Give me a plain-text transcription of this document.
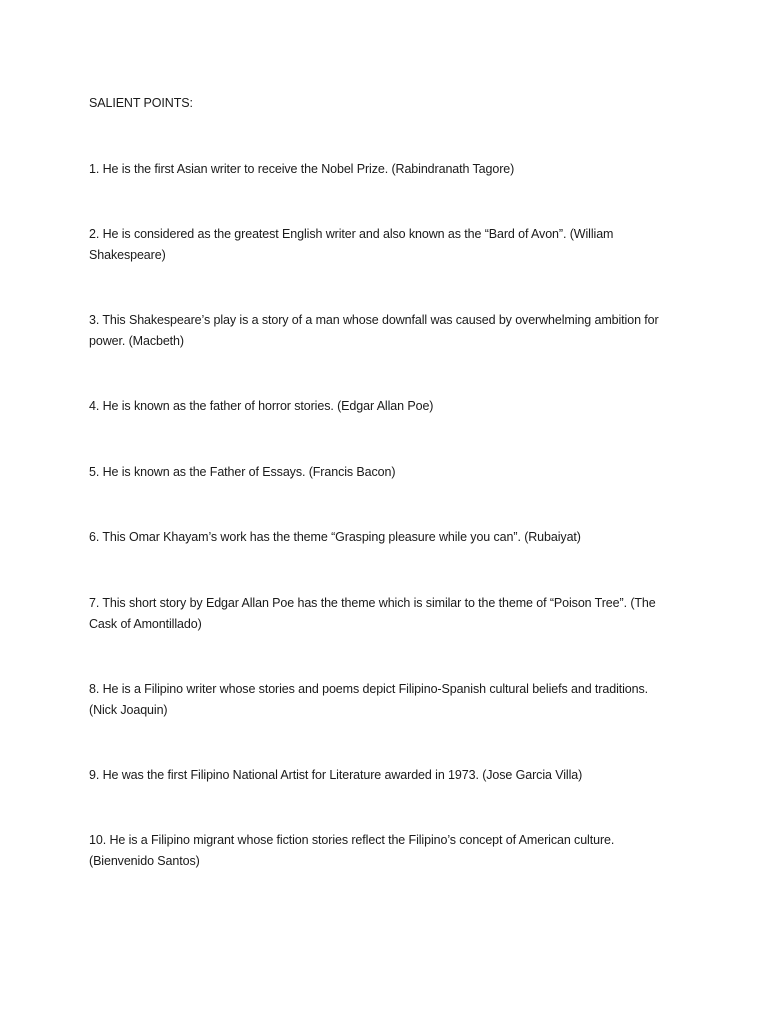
SALIENT POINTS:
1. He is the first Asian writer to receive the Nobel Prize. (Rabindranath Tagore)
2. He is considered as the greatest English writer and also known as the “Bard of Avon”. (William
Shakespeare)
3. This Shakespeare’s play is a story of a man whose downfall was caused by overwhelming ambition for
power. (Macbeth)
4. He is known as the father of horror stories. (Edgar Allan Poe)
5. He is known as the Father of Essays. (Francis Bacon)
6. This Omar Khayam’s work has the theme “Grasping pleasure while you can”. (Rubaiyat)
7. This short story by Edgar Allan Poe has the theme which is similar to the theme of “Poison Tree”. (The
Cask of Amontillado)
8. He is a Filipino writer whose stories and poems depict Filipino-Spanish cultural beliefs and traditions.
(Nick Joaquin)
9. He was the first Filipino National Artist for Literature awarded in 1973. (Jose Garcia Villa)
10. He is a Filipino migrant whose fiction stories reflect the Filipino’s concept of American culture.
(Bienvenido Santos)
